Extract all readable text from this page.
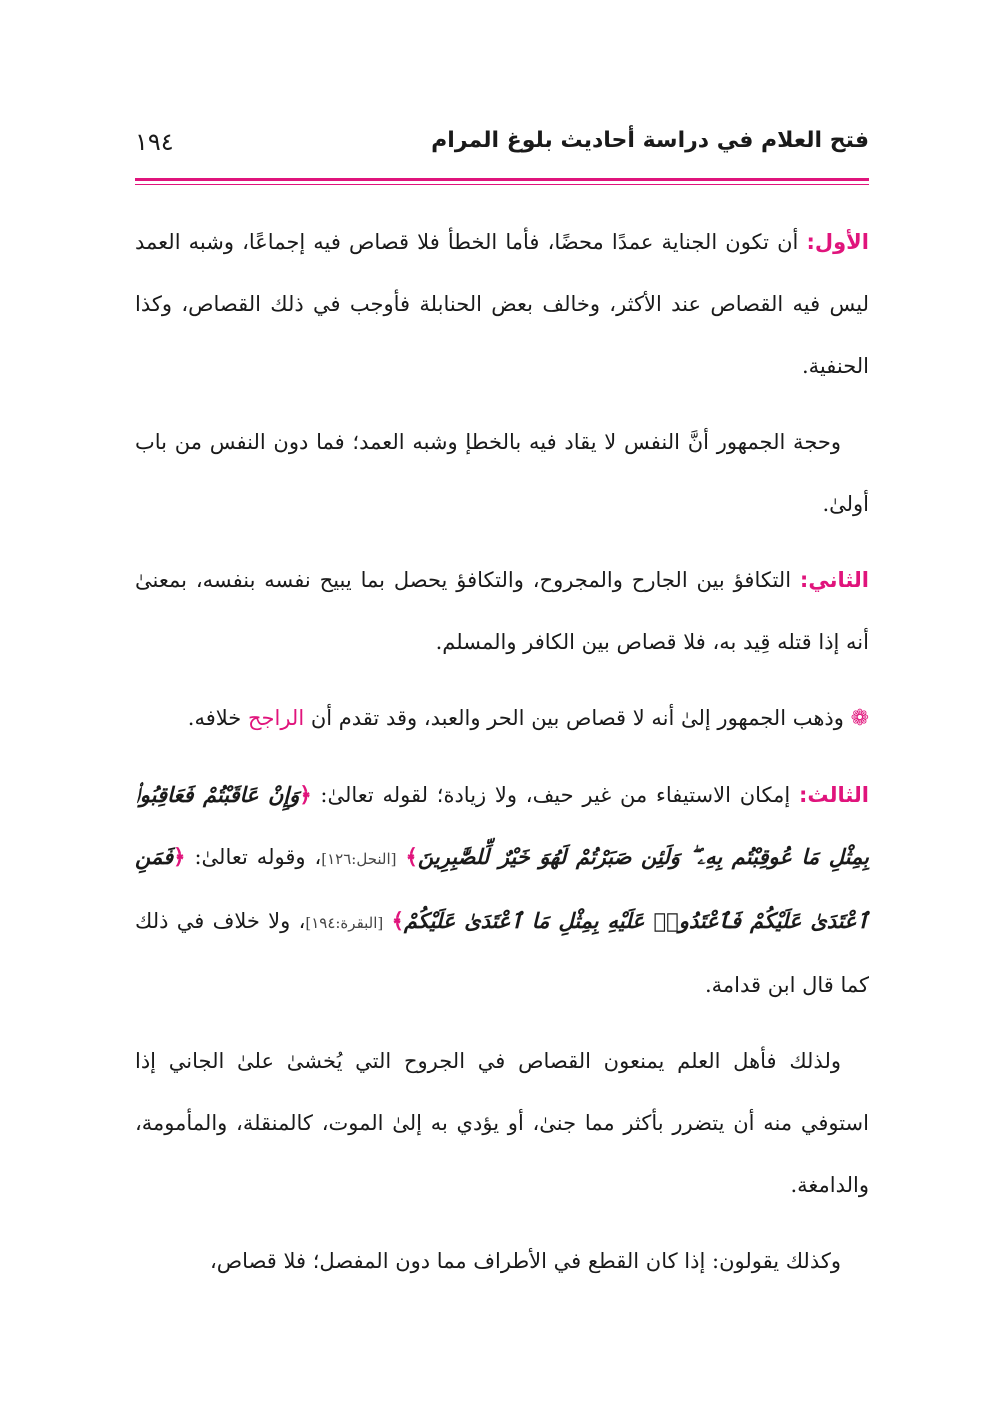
فتح العلام في دراسة أحاديث بلوغ المرام
١٩٤

الأول: أن تكون الجناية عمدًا محضًا، فأما الخطأ فلا قصاص فيه إجماعًا، وشبه العمد ليس فيه القصاص عند الأكثر، وخالف بعض الحنابلة فأوجب في ذلك القصاص، وكذا الحنفية.

وحجة الجمهور أنَّ النفس لا يقاد فيه بالخطإ وشبه العمد؛ فما دون النفس من باب أولىٰ.

الثاني: التكافؤ بين الجارح والمجروح، والتكافؤ يحصل بما يبيح نفسه بنفسه، بمعنىٰ أنه إذا قتله قِيد به، فلا قصاص بين الكافر والمسلم.

❁ وذهب الجمهور إلىٰ أنه لا قصاص بين الحر والعبد، وقد تقدم أن الراجح خلافه.

الثالث: إمكان الاستيفاء من غير حيف، ولا زيادة؛ لقوله تعالىٰ: ﴿وَإِنْ عَاقَبْتُمْ فَعَاقِبُوا۟ بِمِثْلِ مَا عُوقِبْتُم بِهِۦ ۖ وَلَئِن صَبَرْتُمْ لَهُوَ خَيْرٌ لِّلصَّٰبِرِينَ﴾ [النحل:١٢٦]، وقوله تعالىٰ: ﴿فَمَنِ ٱعْتَدَىٰ عَلَيْكُمْ فَٱعْتَدُوا۟ عَلَيْهِ بِمِثْلِ مَا ٱعْتَدَىٰ عَلَيْكُمْ﴾ [البقرة:١٩٤]، ولا خلاف في ذلك كما قال ابن قدامة.

ولذلك فأهل العلم يمنعون القصاص في الجروح التي يُخشىٰ علىٰ الجاني إذا استوفي منه أن يتضرر بأكثر مما جنىٰ، أو يؤدي به إلىٰ الموت، كالمنقلة، والمأمومة، والدامغة.

وكذلك يقولون: إذا كان القطع في الأطراف مما دون المفصل؛ فلا قصاص،
